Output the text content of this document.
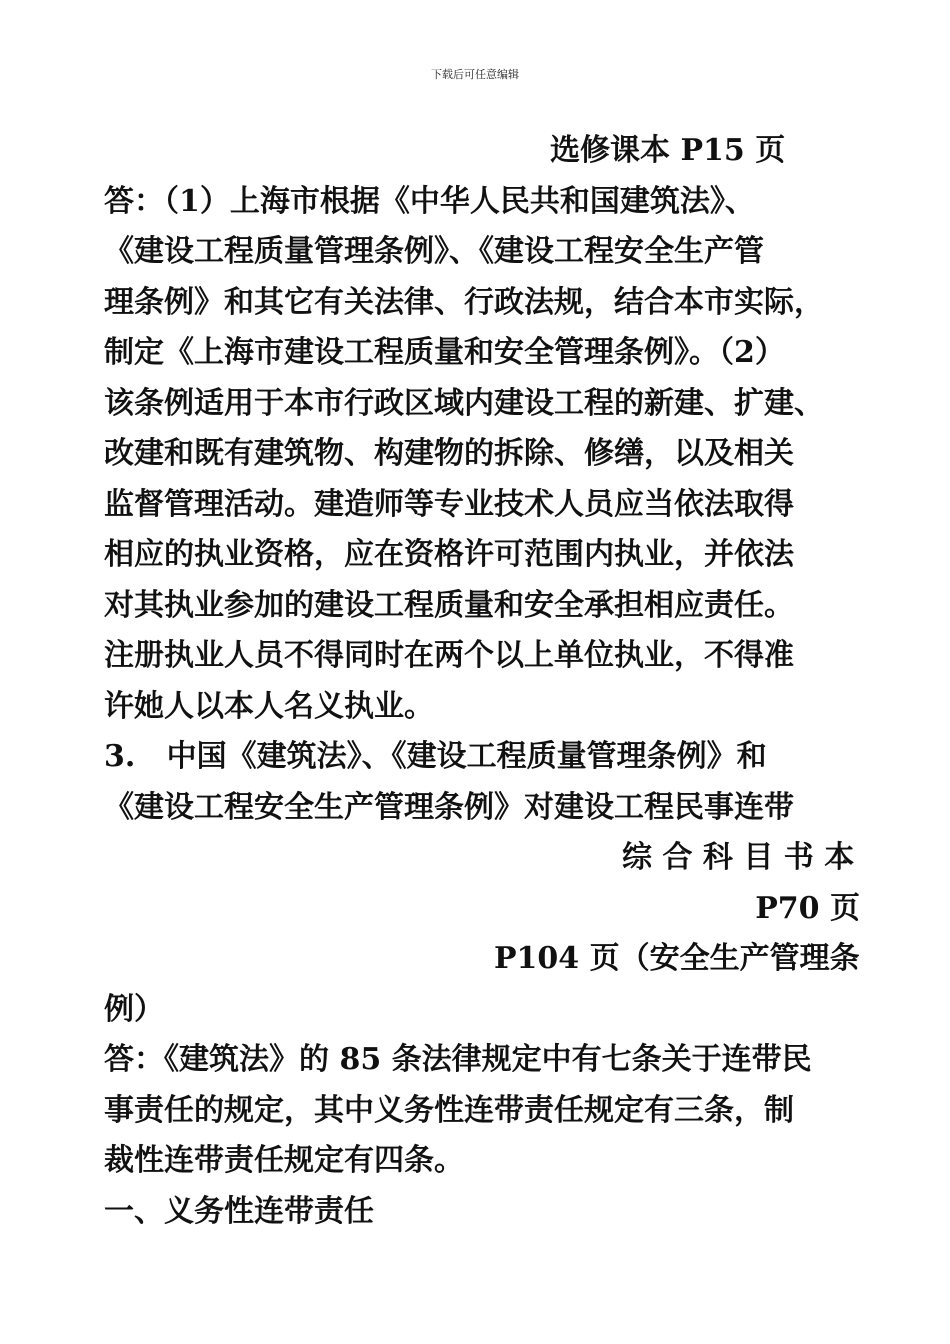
下载后可任意编辑

选修课本 P15 页

答：（1）上海市根据《中华人民共和国建筑法》、
《建设工程质量管理条例》、《建设工程安全生产管
理条例》和其它有关法律、行政法规，结合本市实际，
制定《上海市建设工程质量和安全管理条例》。（2）
该条例适用于本市行政区域内建设工程的新建、扩建、
改建和既有建筑物、构建物的拆除、修缮，以及相关
监督管理活动。建造师等专业技术人员应当依法取得
相应的执业资格，应在资格许可范围内执业，并依法
对其执业参加的建设工程质量和安全承担相应责任。
注册执业人员不得同时在两个以上单位执业，不得准
许她人以本人名义执业。
3.   中国《建筑法》、《建设工程质量管理条例》和
《建设工程安全生产管理条例》对建设工程民事连带

综 合 科 目 书 本

P70 页

P104 页（安全生产管理条

例）
答：《建筑法》的 85 条法律规定中有七条关于连带民
事责任的规定，其中义务性连带责任规定有三条，制
裁性连带责任规定有四条。
一、义务性连带责任
